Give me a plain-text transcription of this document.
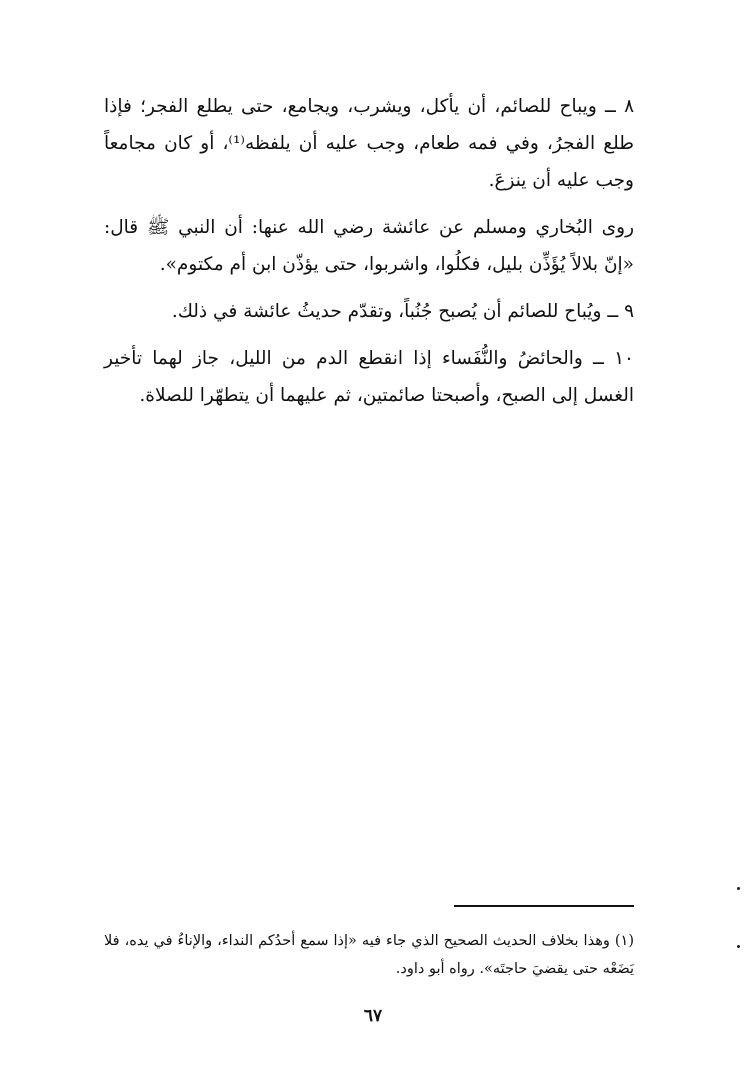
٨ ــ ويباح للصائم، أن يأكل، ويشرب، ويجامع، حتى يطلع الفجر؛ فإذا طلع الفجرُ، وفي فمه طعام، وجب عليه أن يلفظه⁽¹⁾، أو كان مجامعاً وجب عليه أن ينزعَ.

روى البُخاري ومسلم عن عائشة رضي الله عنها: أن النبي ﷺ قال: «إنّ بلالاً يُؤَذِّن بليل، فكلُوا، واشربوا، حتى يؤذّن ابن أم مكتوم».

٩ ــ ويُباح للصائم أن يُصبح جُنُباً، وتقدّم حديثُ عائشة في ذلك.

١٠ ــ والحائضُ والنُّفَساء إذا انقطع الدم من الليل، جاز لهما تأخير الغسل إلى الصبح، وأصبحتا صائمتين، ثم عليهما أن يتطهّرا للصلاة.

(١) وهذا بخلاف الحديث الصحيح الذي جاء فيه «إذا سمع أحدُكم النداء، والإناءُ في يده، فلا يَضَعْه حتى يقضيَ حاجتَه». رواه أبو داود.

٦٧
